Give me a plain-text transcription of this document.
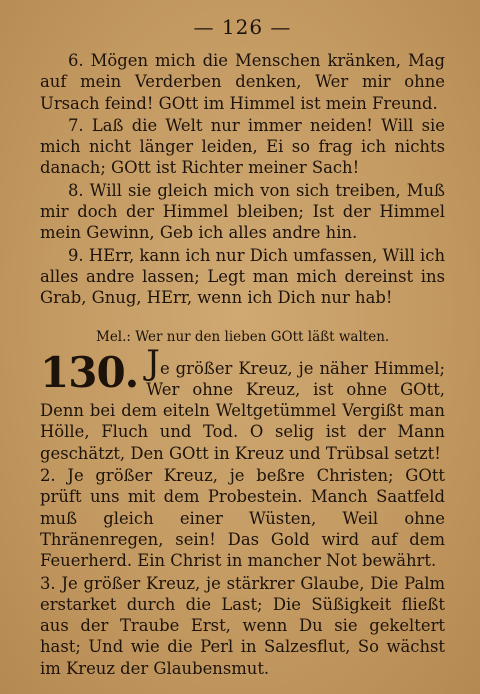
— 126 —

6. Mögen mich die Menschen kränken, Mag auf mein Verderben denken, Wer mir ohne Ursach feind! GOtt im Himmel ist mein Freund.

7. Laß die Welt nur immer neiden! Will sie mich nicht länger leiden, Ei so frag ich nichts danach; GOtt ist Richter meiner Sach!

8. Will sie gleich mich von sich treiben, Muß mir doch der Himmel bleiben; Ist der Himmel mein Gewinn, Geb ich alles andre hin.

9. HErr, kann ich nur Dich umfassen, Will ich alles andre lassen; Legt man mich dereinst ins Grab, Gnug, HErr, wenn ich Dich nur hab!

Mel.: Wer nur den lieben GOtt läßt walten.

130. Je größer Kreuz, je näher Himmel; Wer ohne Kreuz, ist ohne GOtt, Denn bei dem eiteln Weltgetümmel Vergißt man Hölle, Fluch und Tod. O selig ist der Mann geschätzt, Den GOtt in Kreuz und Trübsal setzt!

2. Je größer Kreuz, je beßre Christen; GOtt prüft uns mit dem Probestein. Manch Saatfeld muß gleich einer Wüsten, Weil ohne Thränenregen, sein! Das Gold wird auf dem Feuerherd. Ein Christ in mancher Not bewährt.

3. Je größer Kreuz, je stärkrer Glaube, Die Palm erstarket durch die Last; Die Süßigkeit fließt aus der Traube Erst, wenn Du sie gekeltert hast; Und wie die Perl in Salzesflut, So wächst im Kreuz der Glaubensmut.
